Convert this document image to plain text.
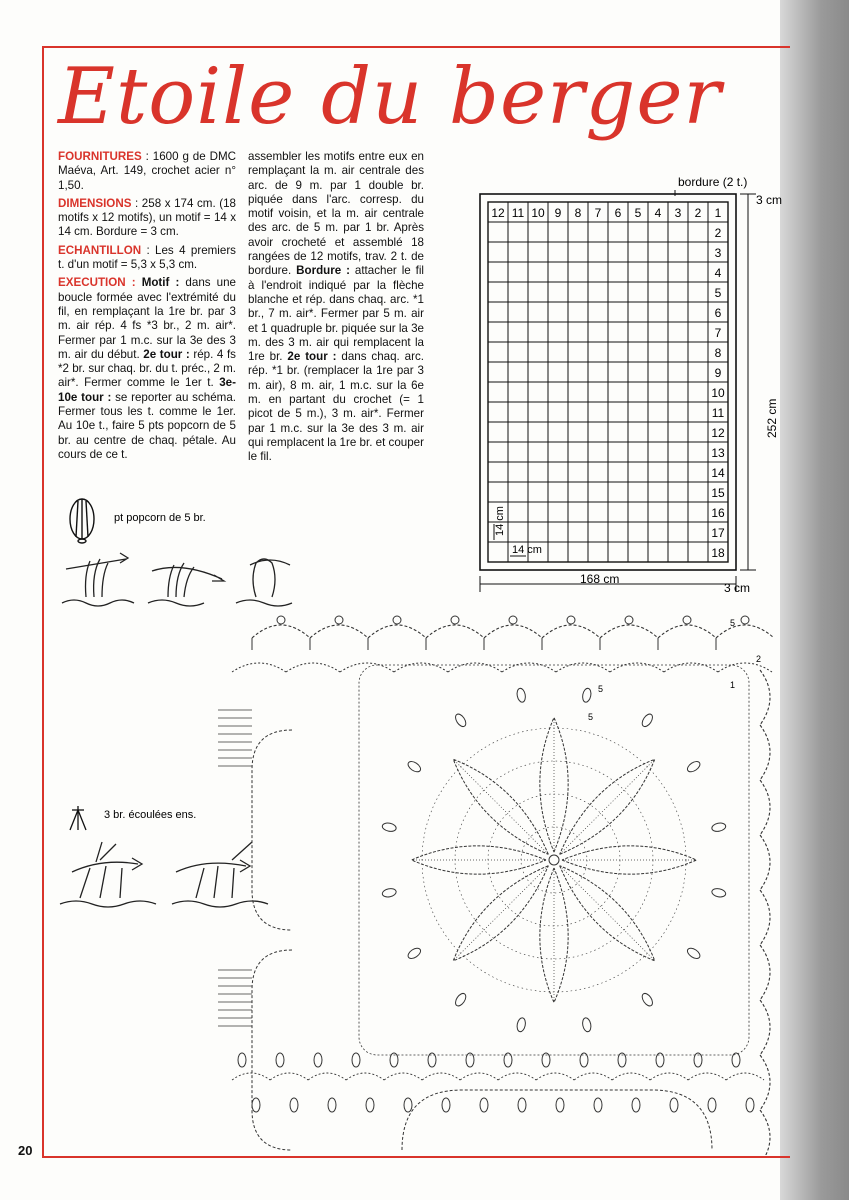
Etoile du berger

FOURNITURES : 1600 g de DMC Maéva, Art. 149, crochet acier n° 1,50.

DIMENSIONS : 258 x 174 cm. (18 motifs x 12 motifs), un motif = 14 x 14 cm. Bordure = 3 cm.

ECHANTILLON : Les 4 premiers t. d'un motif = 5,3 x 5,3 cm.

EXECUTION : Motif : dans une boucle formée avec l'extrémité du fil, en remplaçant la 1re br. par 3 m. air rép. 4 fs *3 br., 2 m. air*. Fermer par 1 m.c. sur la 3e des 3 m. air du début. 2e tour : rép. 4 fs *2 br. sur chaq. br. du t. préc., 2 m. air*. Fermer comme le 1er t. 3e-10e tour : se reporter au schéma. Fermer tous les t. comme le 1er. Au 10e t., faire 5 pts popcorn de 5 br. au centre de chaq. pétale. Au cours de ce t.

assembler les motifs entre eux en remplaçant la m. air centrale des arc. de 9 m. par 1 double br. piquée dans l'arc. corresp. du motif voisin, et la m. air centrale des arc. de 5 m. par 1 br. Après avoir crocheté et assemblé 18 rangées de 12 motifs, trav. 2 t. de bordure. Bordure : attacher le fil à l'endroit indiqué par la flèche blanche et rép. dans chaq. arc. *1 br., 7 m. air*. Fermer par 5 m. air et 1 quadruple br. piquée sur la 3e m. des 3 m. air qui remplacent la 1re br. 2e tour : dans chaq. arc. rép. *1 br. (remplacer la 1re par 3 m. air), 8 m. air, 1 m.c. sur la 6e m. en partant du crochet (= 1 picot de 5 m.), 3 m. air*. Fermer par 1 m.c. sur la 3e des 3 m. air qui remplacent la 1re br. et couper le fil.

12 11 10 9 8 7 6 5 4 3 2 1
2
3
4
5
6
7
8
9
10
11
12
13
14
15
16
17
18
bordure (2 t.)
3 cm
3 cm
168 cm
252 cm
14 cm
14 cm
pt popcorn de 5 br.
3 br. écoulées ens.
5
2
1
5
5
20
